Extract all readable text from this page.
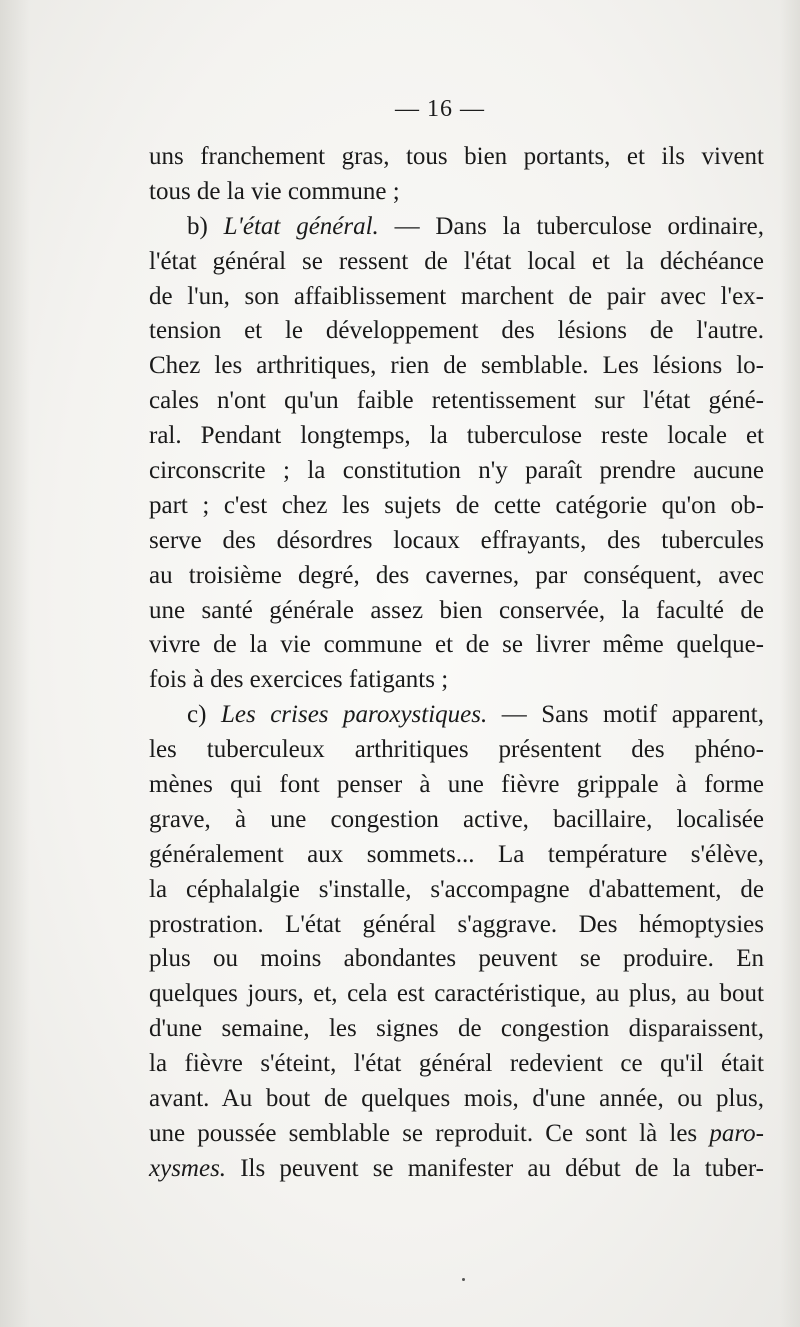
— 16 —
uns franchement gras, tous bien portants, et ils vivent
tous de la vie commune ;
b) L'état général. — Dans la tuberculose ordinaire,
l'état général se ressent de l'état local et la déchéance
de l'un, son affaiblissement marchent de pair avec l'ex-
tension et le développement des lésions de l'autre.
Chez les arthritiques, rien de semblable. Les lésions lo-
cales n'ont qu'un faible retentissement sur l'état géné-
ral. Pendant longtemps, la tuberculose reste locale et
circonscrite ; la constitution n'y paraît prendre aucune
part ; c'est chez les sujets de cette catégorie qu'on ob-
serve des désordres locaux effrayants, des tubercules
au troisième degré, des cavernes, par conséquent, avec
une santé générale assez bien conservée, la faculté de
vivre de la vie commune et de se livrer même quelque-
fois à des exercices fatigants ;
c) Les crises paroxystiques. — Sans motif apparent,
les tuberculeux arthritiques présentent des phéno-
mènes qui font penser à une fièvre grippale à forme
grave, à une congestion active, bacillaire, localisée
généralement aux sommets... La température s'élève,
la céphalalgie s'installe, s'accompagne d'abattement, de
prostration. L'état général s'aggrave. Des hémoptysies
plus ou moins abondantes peuvent se produire. En
quelques jours, et, cela est caractéristique, au plus, au bout
d'une semaine, les signes de congestion disparaissent,
la fièvre s'éteint, l'état général redevient ce qu'il était
avant. Au bout de quelques mois, d'une année, ou plus,
une poussée semblable se reproduit. Ce sont là les paro-
xysmes. Ils peuvent se manifester au début de la tuber-
